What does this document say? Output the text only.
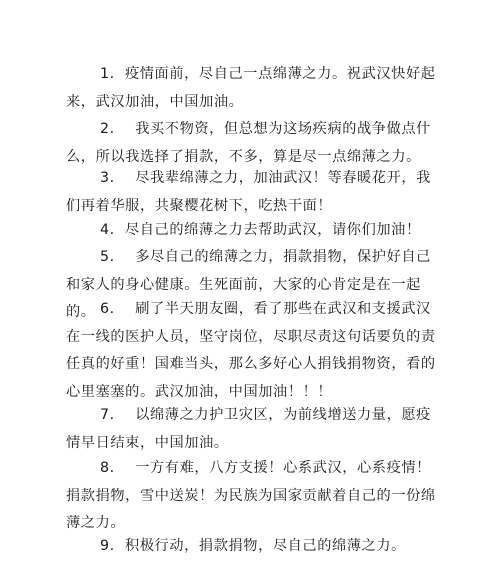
1. 疫情面前，尽自己一点绵薄之力。祝武汉快好起来，武汉加油，中国加油。
2. 我买不物资，但总想为这场疾病的战争做点什么，所以我选择了捐款，不多，算是尽一点绵薄之力。
3. 尽我辈绵薄之力，加油武汉！等春暖花开，我们再着华服，共聚樱花树下，吃热干面！
4. 尽自己的绵薄之力去帮助武汉，请你们加油！
5. 多尽自己的绵薄之力，捐款捐物，保护好自己和家人的身心健康。生死面前，大家的心肯定是在一起的。 6. 刷了半天朋友圈，看了那些在武汉和支援武汉在一线的医护人员，坚守岗位，尽职尽责这句话要负的责任真的好重！国难当头，那么多好心人捐钱捐物资，看的心里塞塞的。武汉加油，中国加油！！！
7. 以绵薄之力护卫灾区，为前线增送力量，愿疫情早日结束，中国加油。
8. 一方有难，八方支援！心系武汉，心系疫情！捐款捐物，雪中送炭！为民族为国家贡献着自己的一份绵薄之力。
9. 积极行动，捐款捐物，尽自己的绵薄之力。
